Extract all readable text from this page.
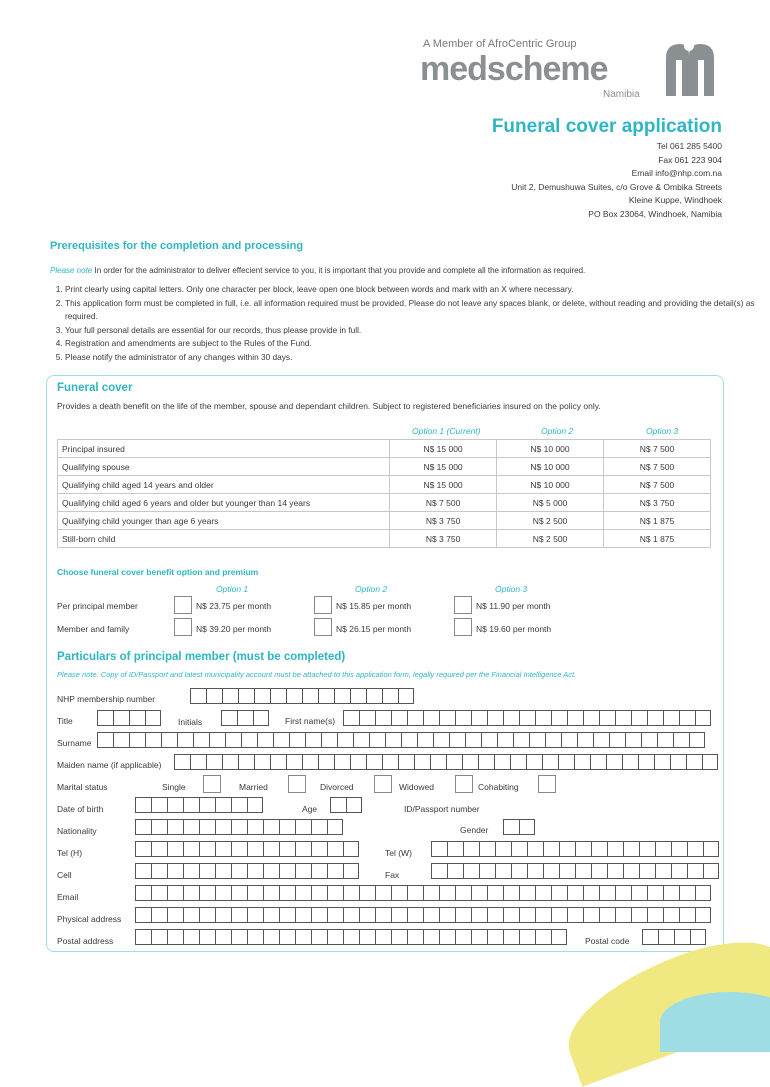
A Member of AfroCentric Group
medscheme
Namibia
Funeral cover application
Tel 061 285 5400
Fax 061 223 904
Email info@nhp.com.na
Unit 2, Demushuwa Suites, c/o Grove & Ombika Streets
Kleine Kuppe, Windhoek
PO Box 23064, Windhoek, Namibia
Prerequisites for the completion and processing
Please note In order for the administrator to deliver effecient service to you, it is important that you provide and complete all the information as required.
1. Print clearly using capital letters. Only one character per block, leave open one block between words and mark with an X where necessary.
2. This application form must be completed in full, i.e. all information required must be provided. Please do not leave any spaces blank, or delete, without reading and providing the detail(s) as required.
3. Your full personal details are essential for our records, thus please provide in full.
4. Registration and amendments are subject to the Rules of the Fund.
5. Please notify the administrator of any changes within 30 days.
Funeral cover
Provides a death benefit on the life of the member, spouse and dependant children. Subject to registered beneficiaries insured on the policy only.
Option 1 (Current)	Option 2	Option 3
Principal insured	N$ 15 000	N$ 10 000	N$ 7 500
Qualifying spouse	N$ 15 000	N$ 10 000	N$ 7 500
Qualifying child aged 14 years and older	N$ 15 000	N$ 10 000	N$ 7 500
Qualifying child aged 6 years and older but younger than 14 years	N$ 7 500	N$ 5 000	N$ 3 750
Qualifying child younger than age 6 years	N$ 3 750	N$ 2 500	N$ 1 875
Still-born child	N$ 3 750	N$ 2 500	N$ 1 875
Choose funeral cover benefit option and premium
Option 1	Option 2	Option 3
Per principal member	N$ 23.75 per month	N$ 15.85 per month	N$ 11.90 per month
Member and family	N$ 39.20 per month	N$ 26.15 per month	N$ 19.60 per month
Particulars of principal member (must be completed)
Please note. Copy of ID/Passport and latest municipality account must be attached to this application form, legally required per the Financial Intelligence Act.
NHP membership number
Title	Initials	First name(s)
Surname
Maiden name (if applicable)
Marital status	Single	Married	Divorced	Widowed	Cohabiting
Date of birth	Age	ID/Passport number
Nationality	Gender
Tel (H)	Tel (W)
Cell	Fax
Email
Physical address
Postal address	Postal code
